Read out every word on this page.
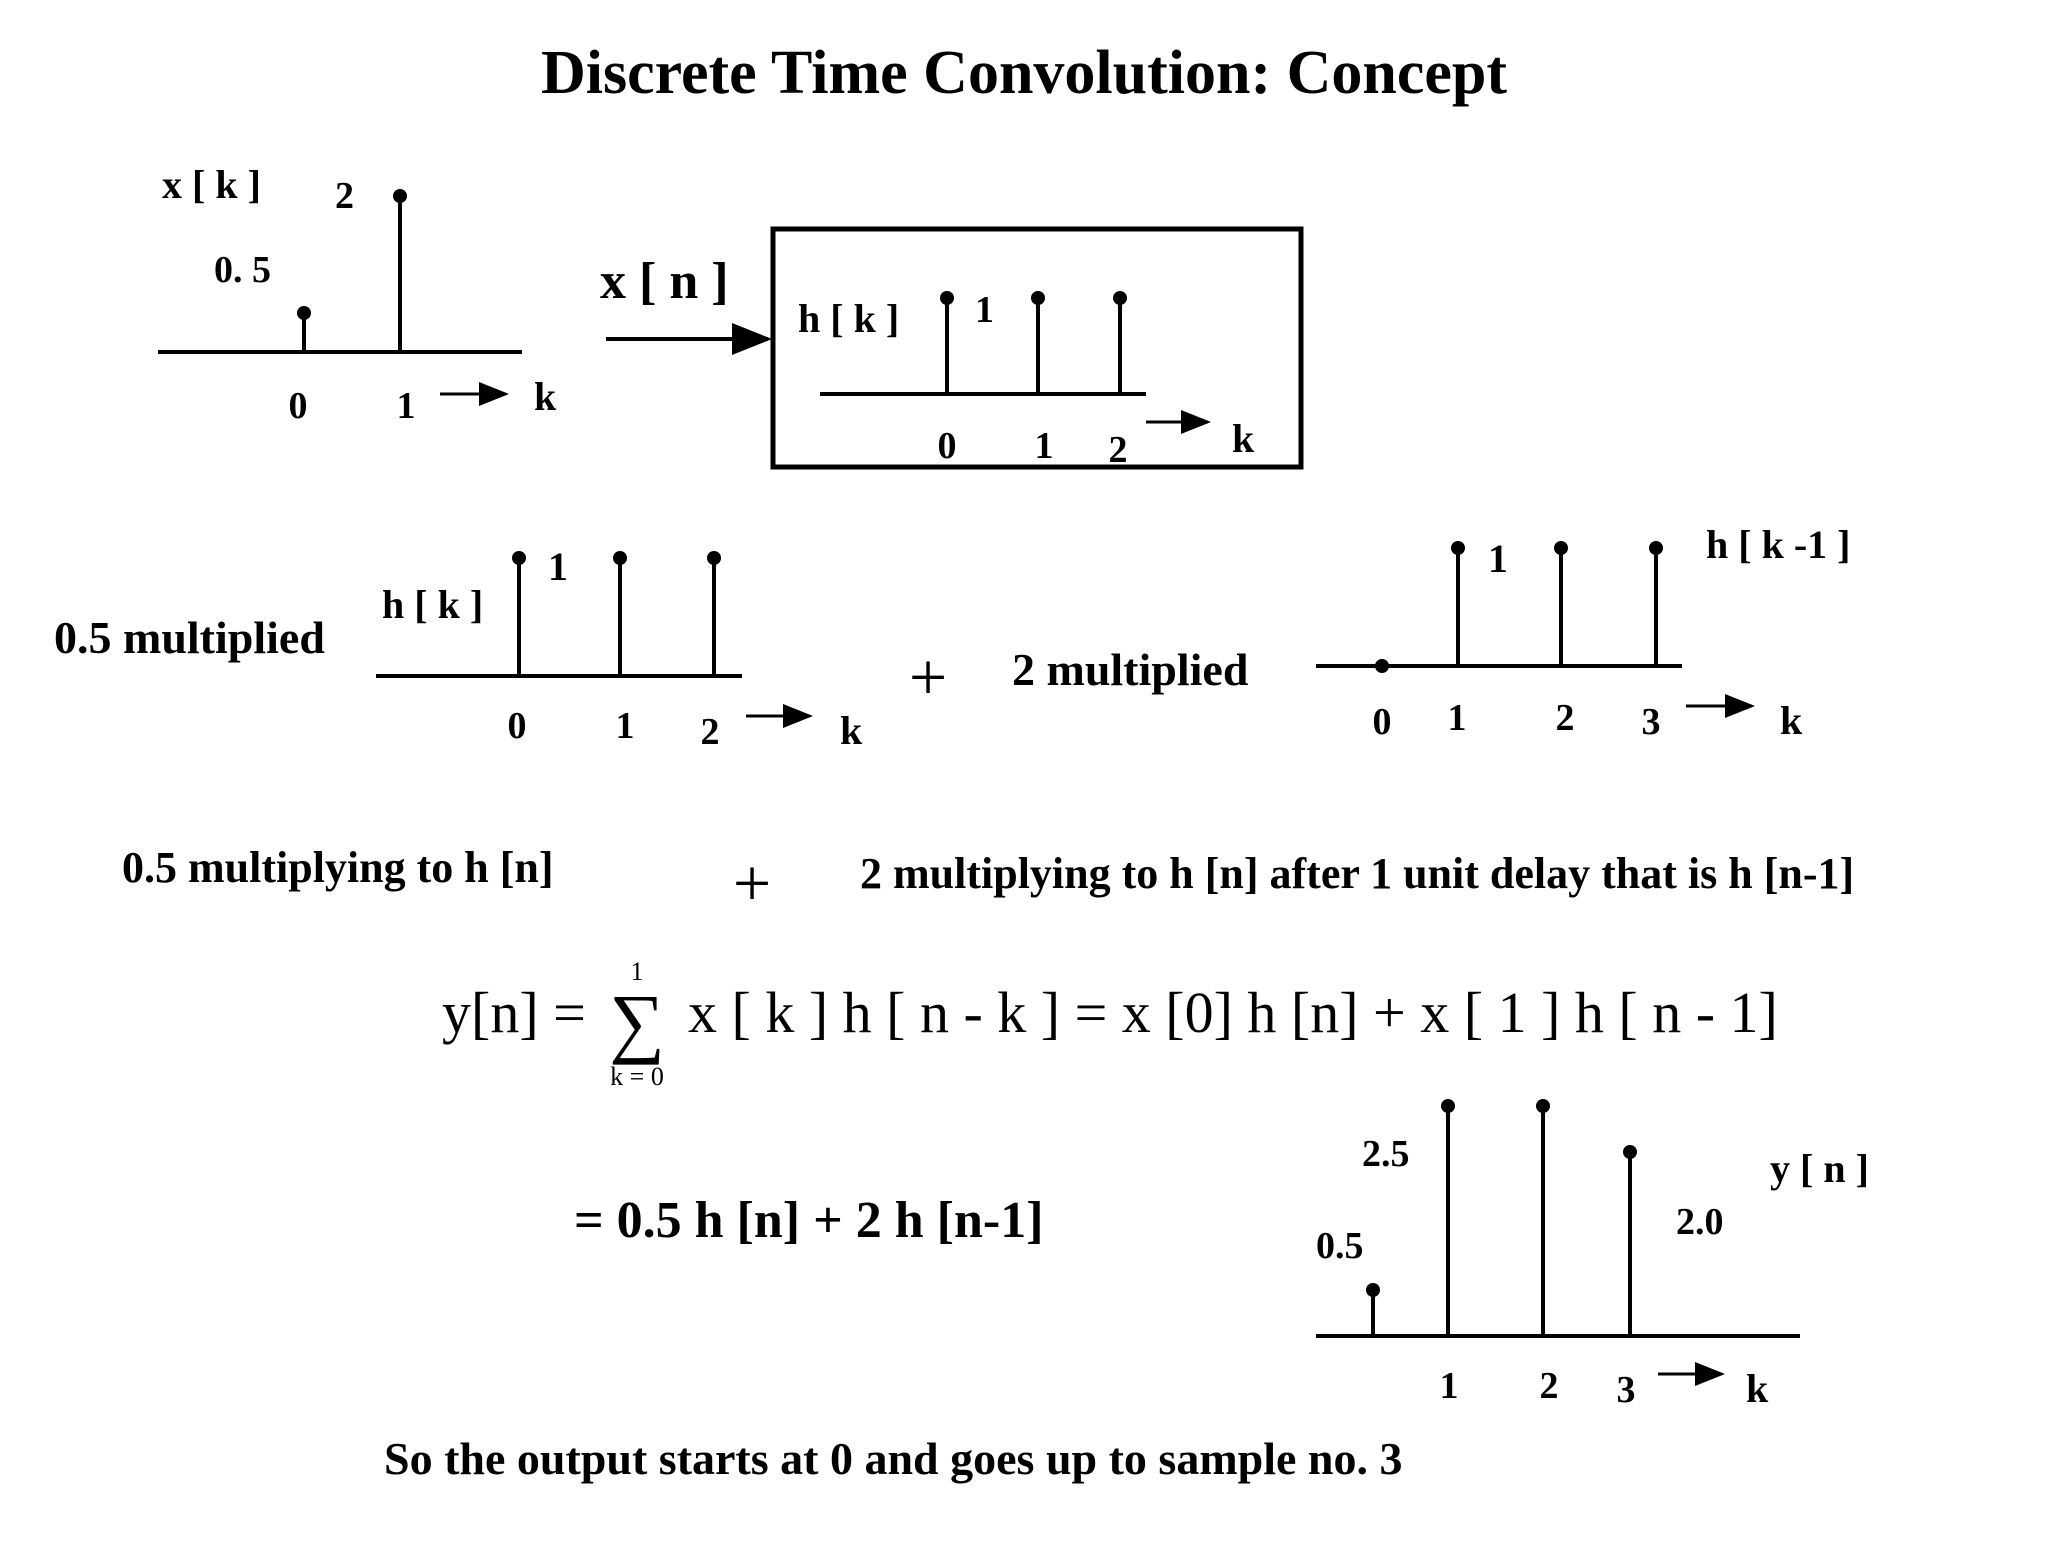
Discrete Time Convolution: Concept
x [ k ]
0. 5
2
0 1	k
x [ n ]
h [ k ] 1
0 1 2	k
0.5 multiplied
h [ k ]
1
0 1 2	k
+ 2 multiplied
1	h [ k -1 ]
0 1 2 3	k
0.5 multiplying to h [n]	+ 2 multiplying to h [n] after 1 unit delay that is h [n-1]
y[n] =
1
∑
k = 0
x [ k ] h [ n - k ] = x [0] h [n] + x [ 1 ] h [ n - 1]
= 0.5 h [n] + 2 h [n-1]	0.5
2.5
2.0
y [ n ]
1 2 3	k
So the output starts at 0 and goes up to sample no. 3
